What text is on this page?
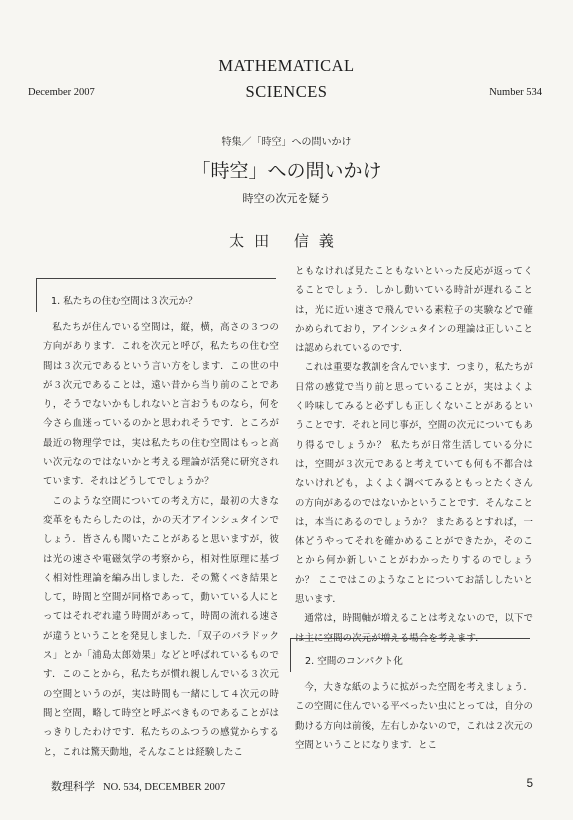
MATHEMATICAL
SCIENCES
December 2007	Number 534
特集／「時空」への問いかけ
「時空」への問いかけ
時空の次元を疑う
太田 信義
1. 私たちの住む空間は３次元か？

私たちが住んでいる空間は，縦，横，高さの３つの方向があります．これを次元と呼び，私たちの住む空間は３次元であるという言い方をします．この世の中が３次元であることは，遠い昔から当り前のことであり，そうでないかもしれないと言おうものなら，何を今さら血迷っているのかと思われそうです．ところが最近の物理学では，実は私たちの住む空間はもっと高い次元なのではないかと考える理論が活発に研究されています．それはどうしてでしょうか？

このような空間についての考え方に，最初の大きな変革をもたらしたのは，かの天才アインシュタインでしょう．皆さんも聞いたことがあると思いますが，彼は光の速さや電磁気学の考察から，相対性原理に基づく相対性理論を編み出しました．その驚くべき結果として，時間と空間が同格であって，動いている人にとってはそれぞれ違う時間があって，時間の流れる速さが違うということを発見しました．「双子のパラドックス」とか「浦島太郎効果」などと呼ばれているものです．このことから，私たちが慣れ親しんでいる３次元の空間というのが，実は時間も一緒にして４次元の時間と空間，略して時空と呼ぶべきものであることがはっきりしたわけです．私たちのふつうの感覚からすると，これは驚天動地，そんなことは経験したこ

ともなければ見たこともないといった反応が返ってくることでしょう．しかし動いている時計が遅れることは，光に近い速さで飛んでいる素粒子の実験などで確かめられており，アインシュタインの理論は正しいことは認められているのです．

これは重要な教訓を含んでいます．つまり，私たちが日常の感覚で当り前と思っていることが，実はよくよく吟味してみると必ずしも正しくないことがあるということです．それと同じ事が，空間の次元についてもあり得るでしょうか？ 私たちが日常生活している分には，空間が３次元であると考えていても何も不都合はないけれども，よくよく調べてみるともっとたくさんの方向があるのではないかということです．そんなことは，本当にあるのでしょうか？ またあるとすれば，一体どうやってそれを確かめることができたか，そのことから何か新しいことがわかったりするのでしょうか？ ここではこのようなことについてお話ししたいと思います．

通常は，時間軸が増えることは考えないので，以下では主に空間の次元が増える場合を考えます．

2. 空間のコンパクト化

今，大きな紙のように拡がった空間を考えましょう．この空間に住んでいる平べったい虫にとっては，自分の動ける方向は前後，左右しかないので，これは２次元の空間ということになります．とこ

数理科学 NO. 534, DECEMBER 2007	5
